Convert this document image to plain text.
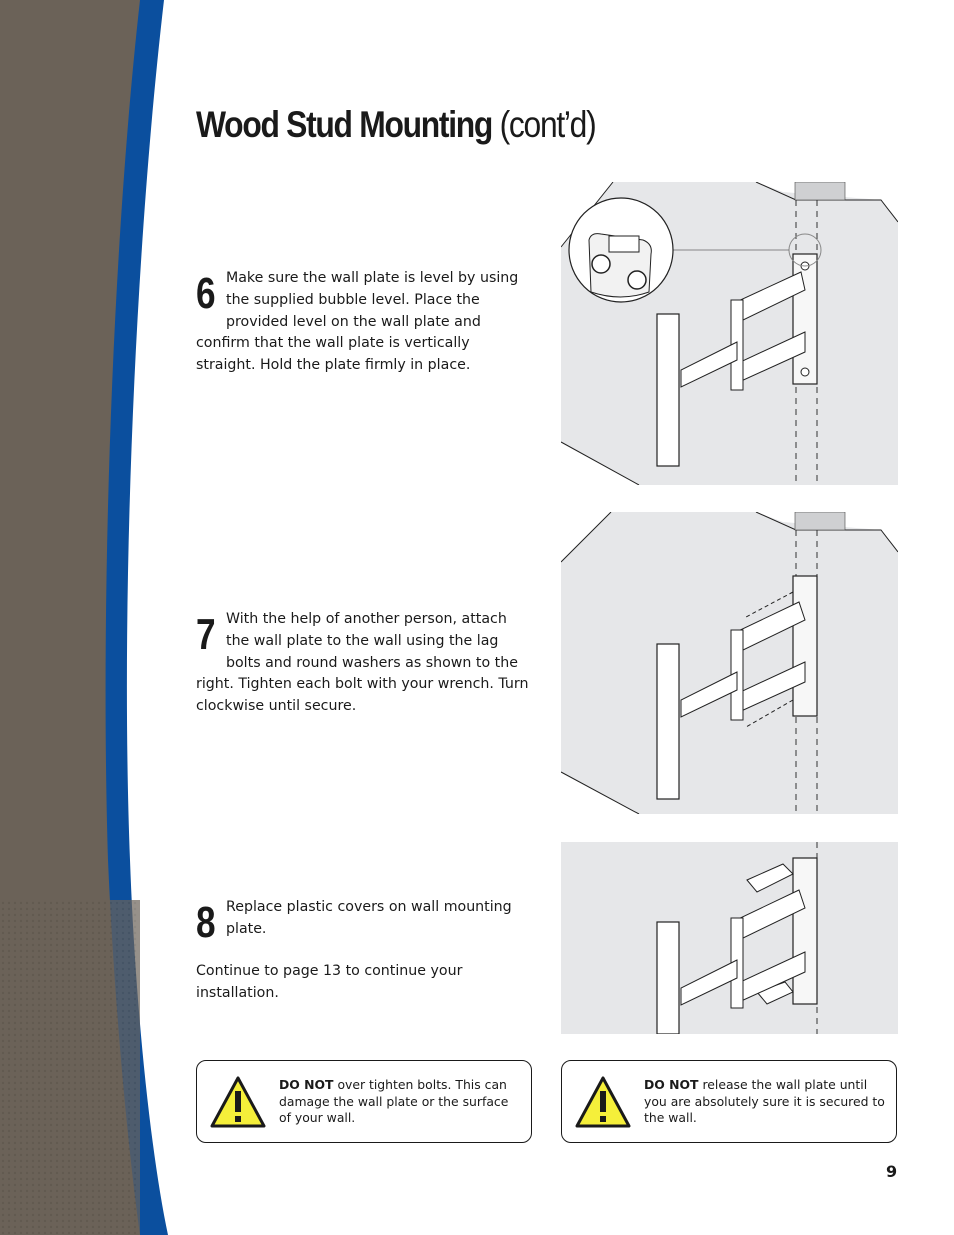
Wood Stud Mounting (cont’d)
6 Make sure the wall plate is level by using the supplied bubble level. Place the provided level on the wall plate and confirm that the wall plate is vertically straight. Hold the plate firmly in place.

7 With the help of another person, attach the wall plate to the wall using the lag bolts and round washers as shown to the right. Tighten each bolt with your wrench. Turn clockwise until secure.

8 Replace plastic covers on wall mounting plate.

Continue to page 13 to continue your installation.

DO NOT over tighten bolts. This can damage the wall plate or the surface of your wall.
DO NOT release the wall plate until you are absolutely sure it is secured to the wall.
9
